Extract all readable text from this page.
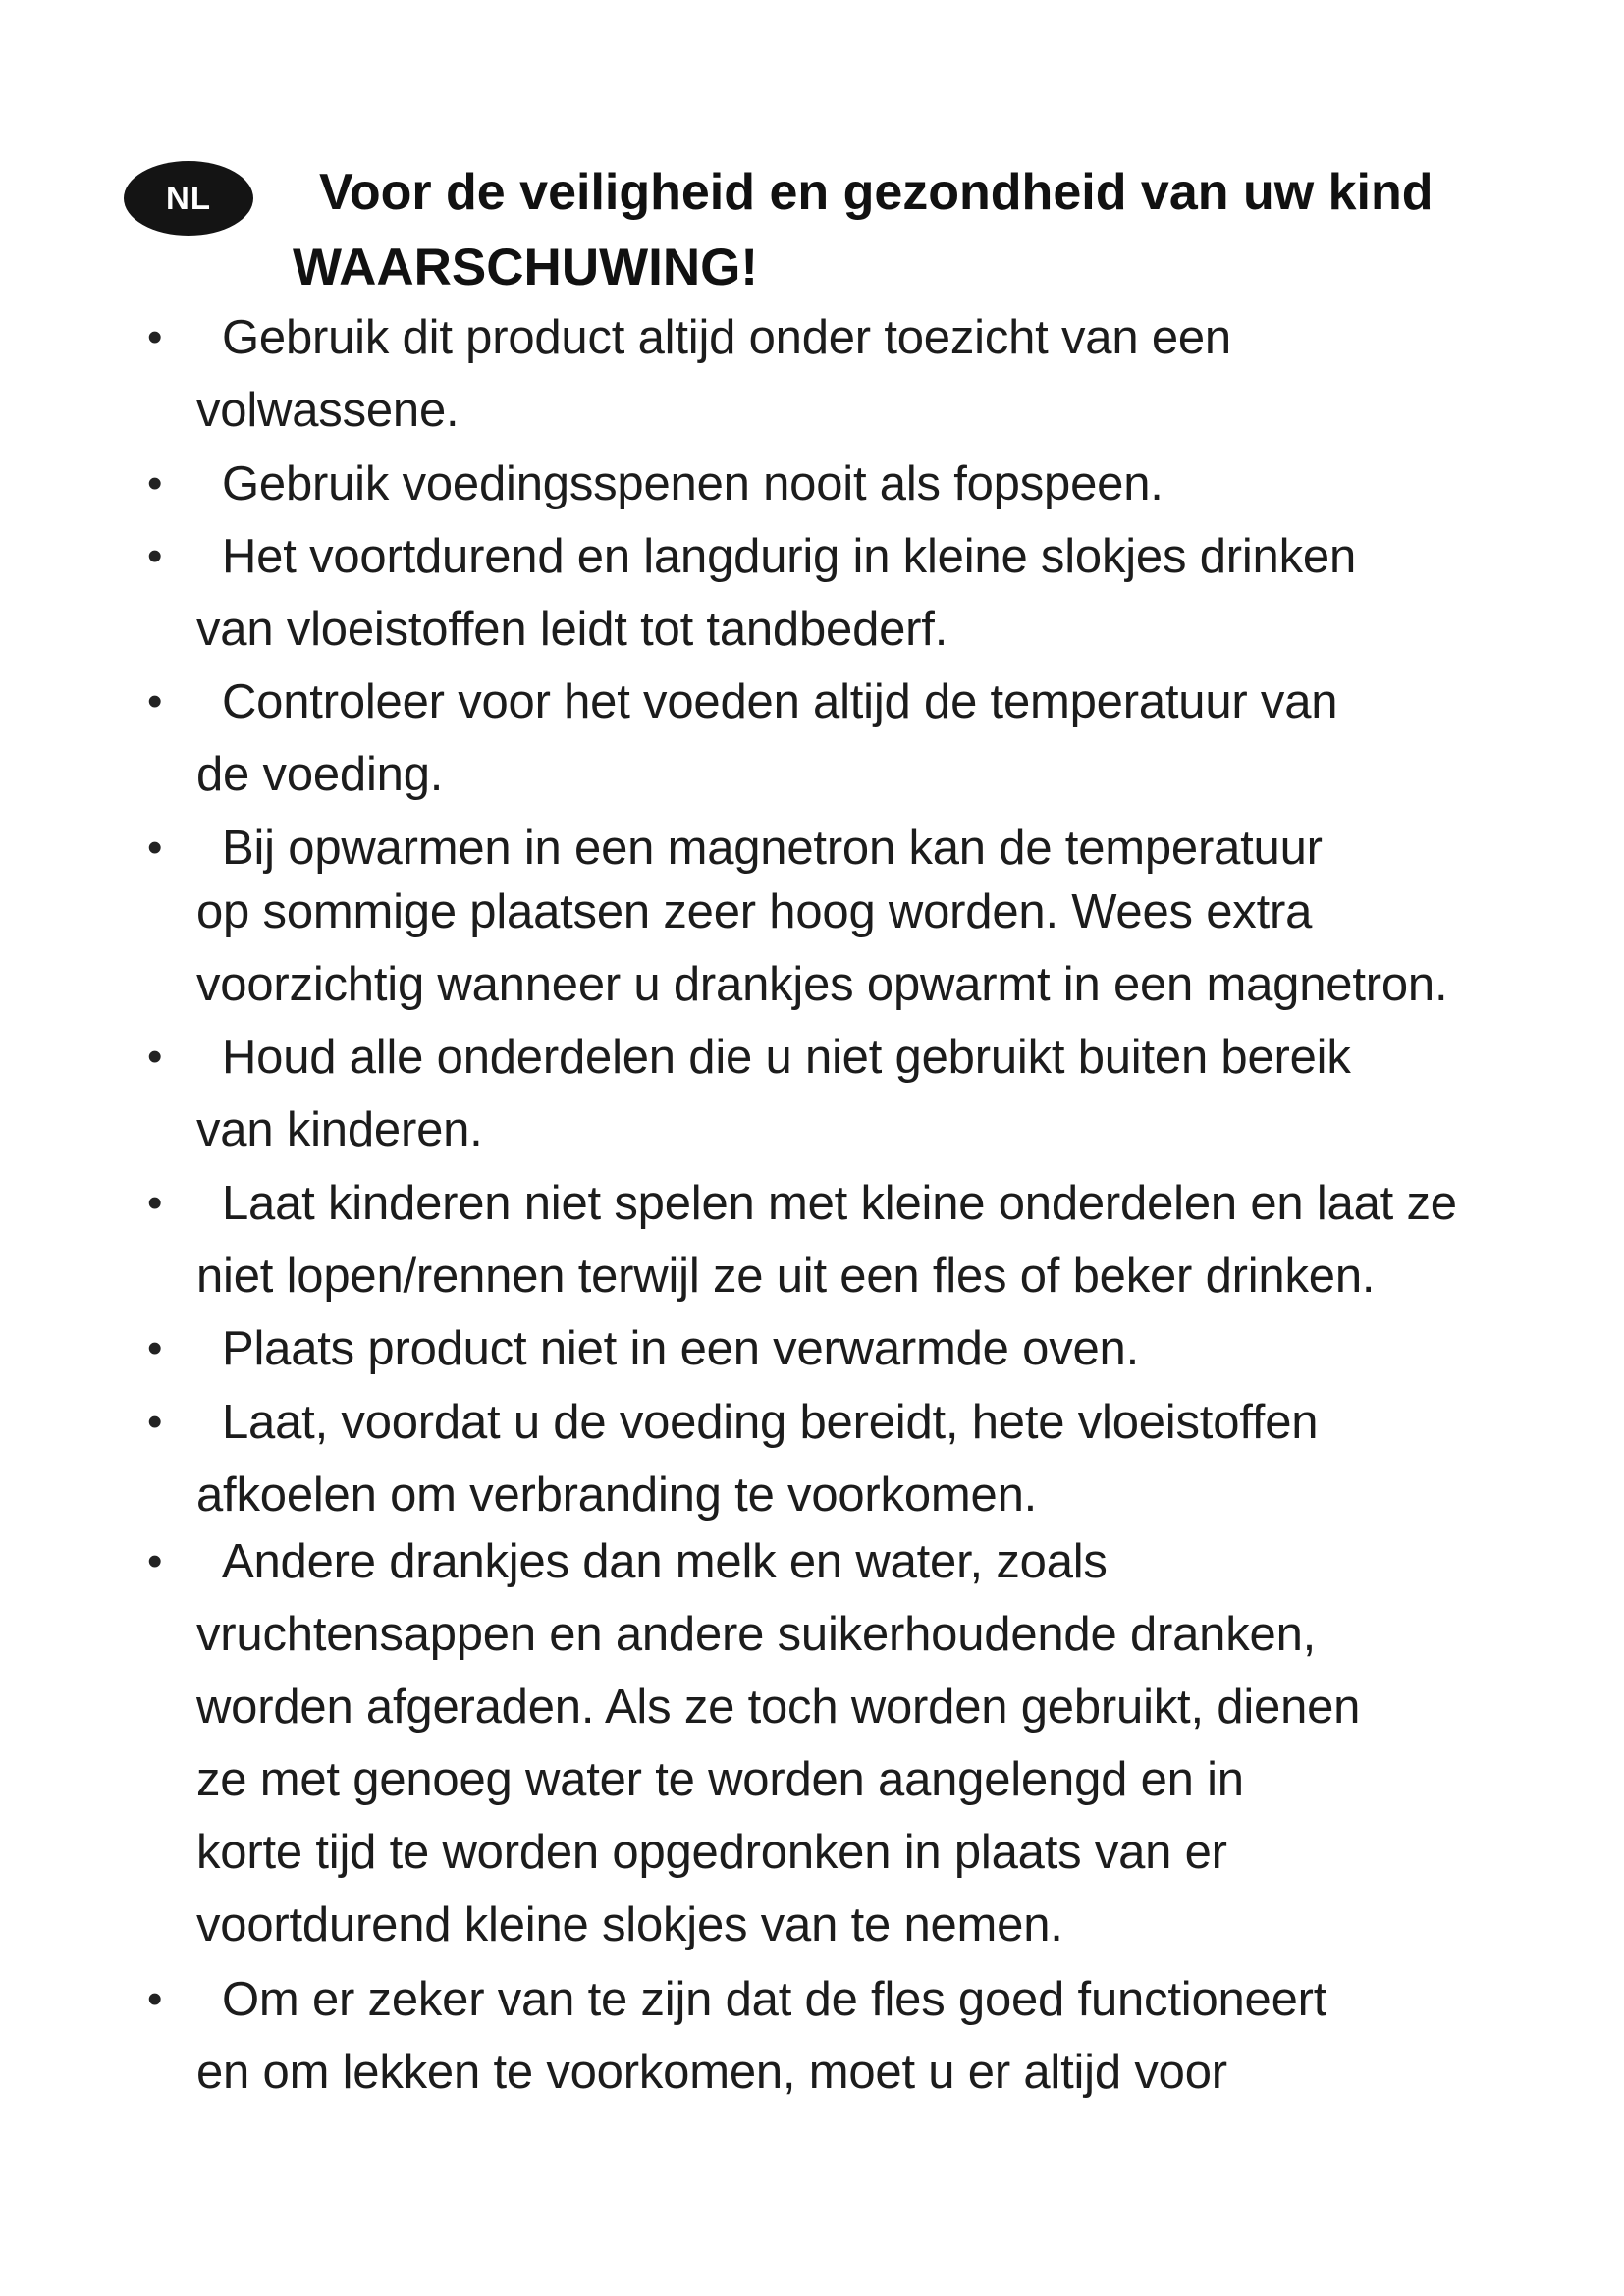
NL	Voor de veiligheid en gezondheid van uw kind
WAARSCHUWING!
• Gebruik dit product altijd onder toezicht van een
volwassene.
• Gebruik voedingsspenen nooit als fopspeen.
• Het voortdurend en langdurig in kleine slokjes drinken
van vloeistoffen leidt tot tandbederf.
• Controleer voor het voeden altijd de temperatuur van
de voeding.
• Bij opwarmen in een magnetron kan de temperatuur
op sommige plaatsen zeer hoog worden. Wees extra
voorzichtig wanneer u drankjes opwarmt in een magnetron.
• Houd alle onderdelen die u niet gebruikt buiten bereik
van kinderen.
• Laat kinderen niet spelen met kleine onderdelen en laat ze
niet lopen/rennen terwijl ze uit een fles of beker drinken.
• Plaats product niet in een verwarmde oven.
• Laat, voordat u de voeding bereidt, hete vloeistoffen
afkoelen om verbranding te voorkomen.
• Andere drankjes dan melk en water, zoals
vruchtensappen en andere suikerhoudende dranken,
worden afgeraden. Als ze toch worden gebruikt, dienen
ze met genoeg water te worden aangelengd en in
korte tijd te worden opgedronken in plaats van er
voortdurend kleine slokjes van te nemen.
• Om er zeker van te zijn dat de fles goed functioneert
en om lekken te voorkomen, moet u er altijd voor
